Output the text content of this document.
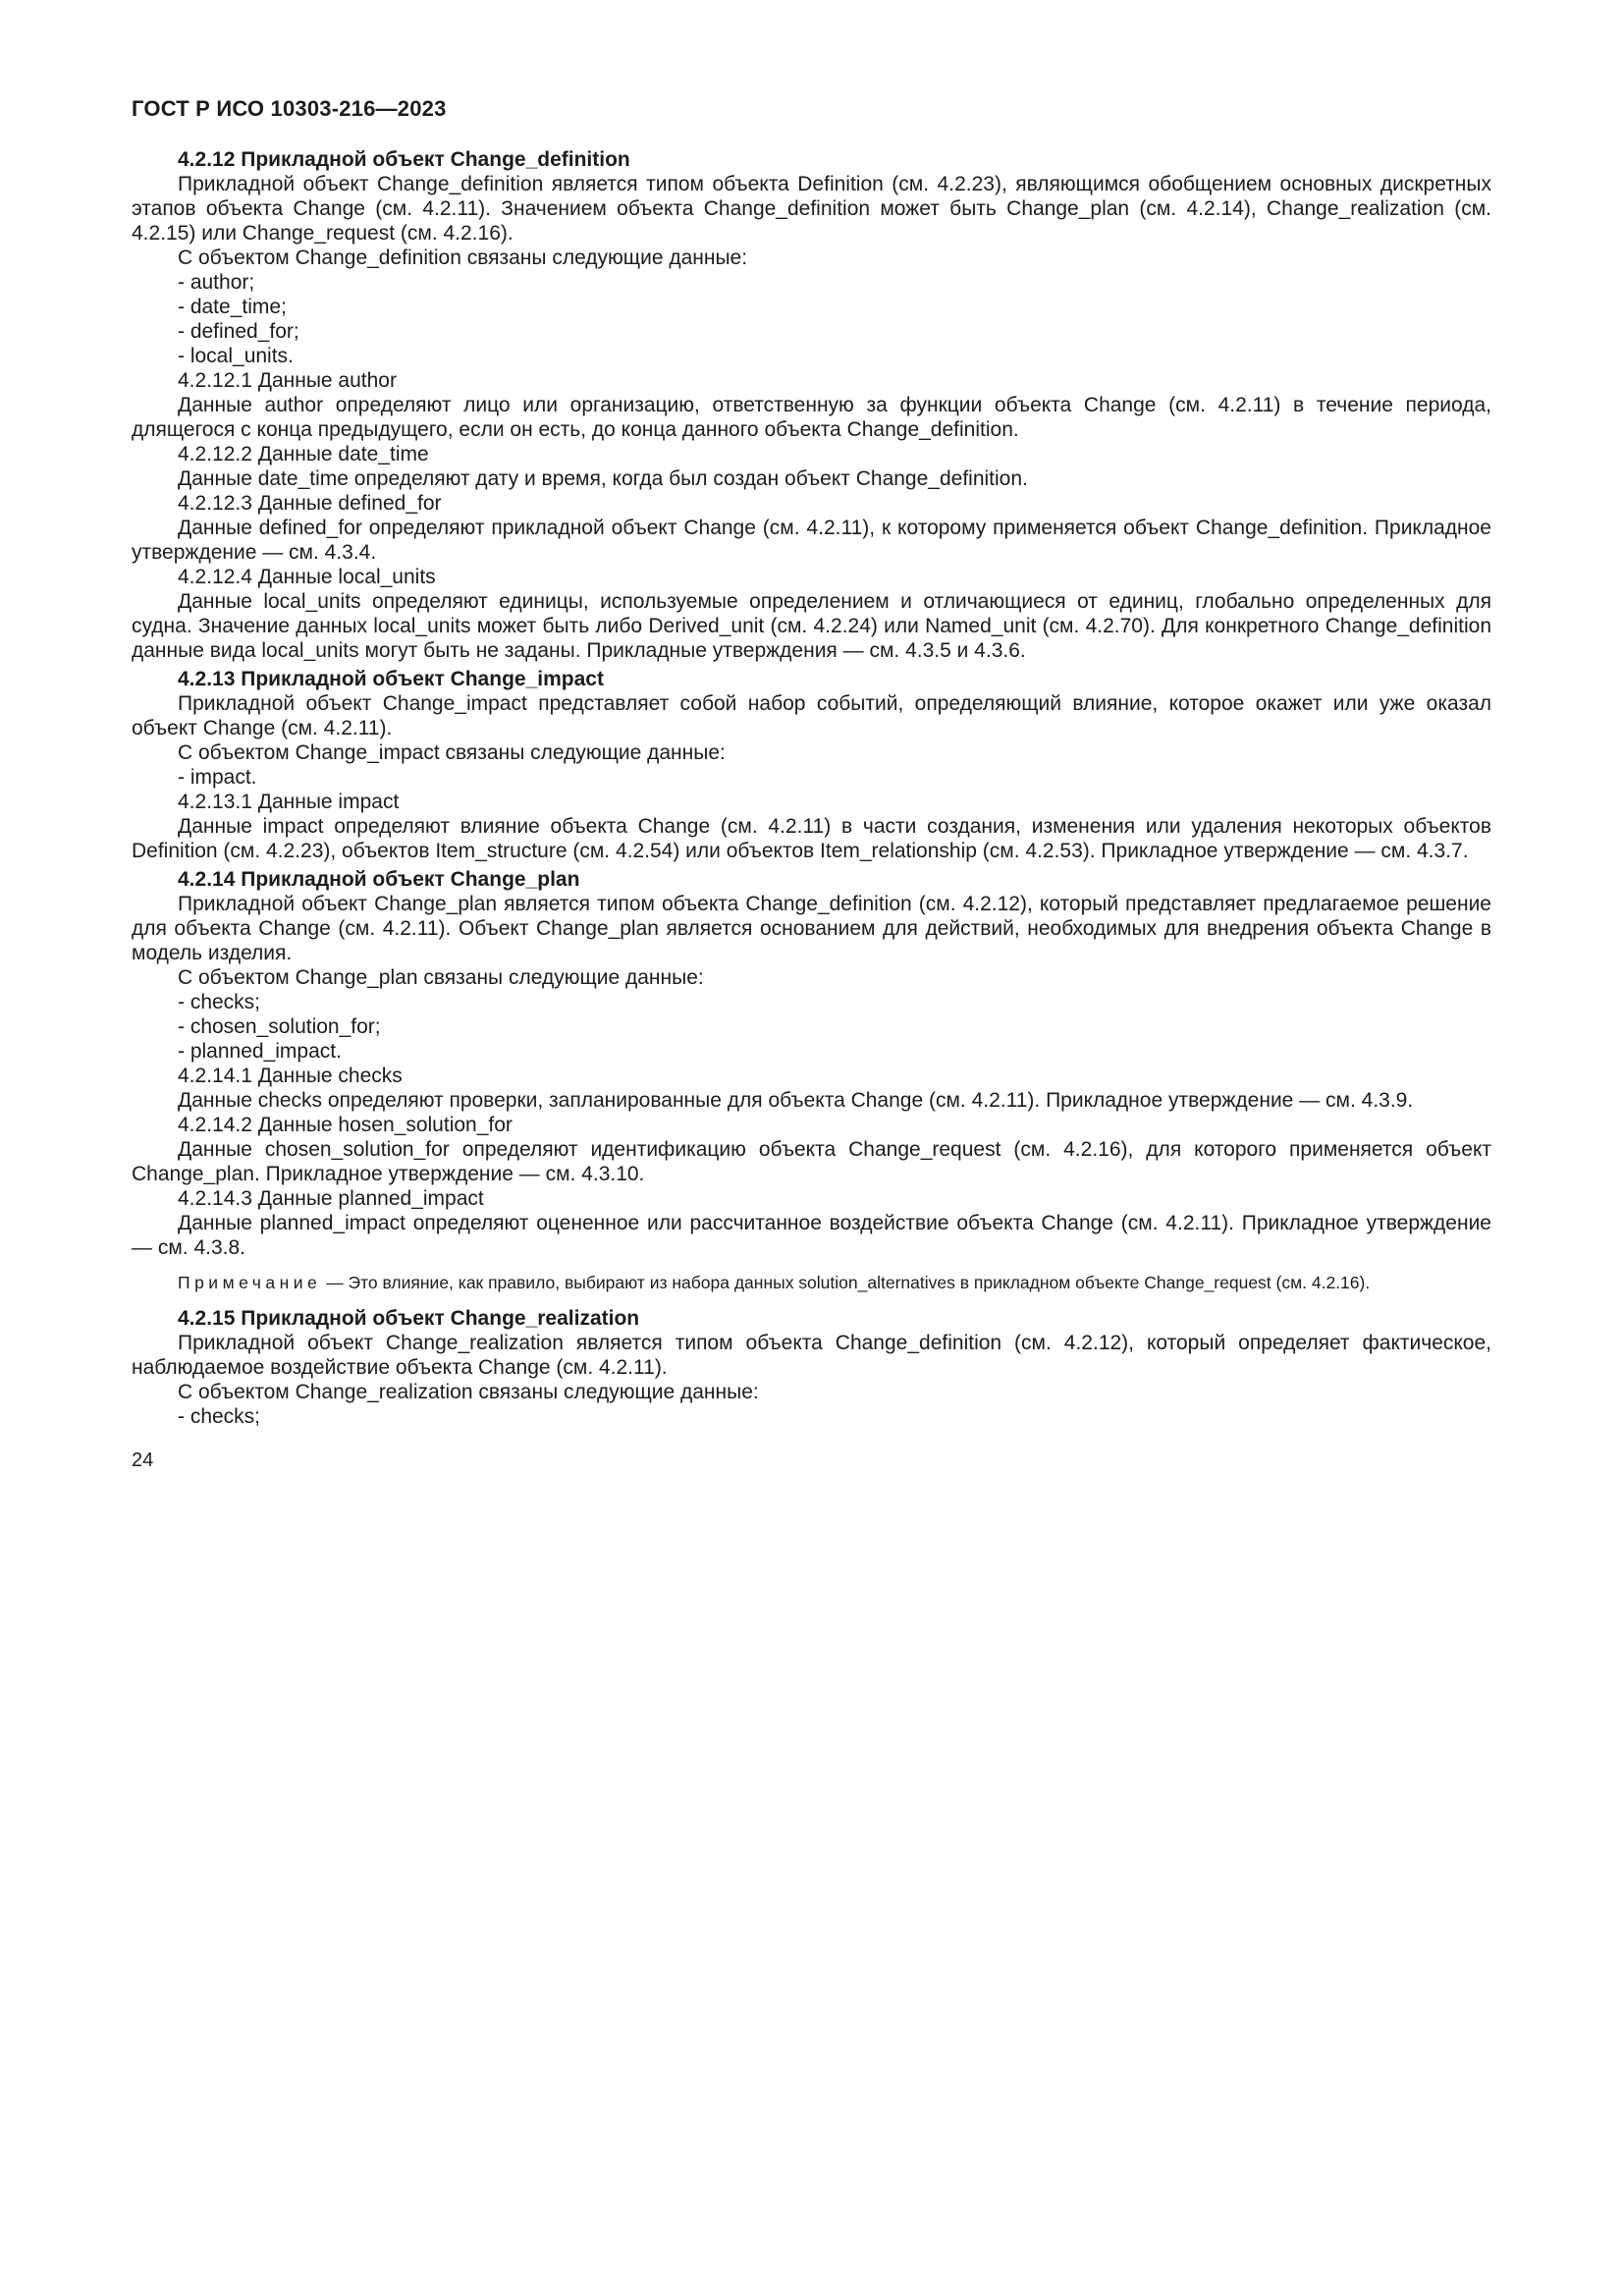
ГОСТ Р ИСО 10303-216—2023
4.2.12 Прикладной объект Change_definition
Прикладной объект Change_definition является типом объекта Definition (см. 4.2.23), являющимся обобщением основных дискретных этапов объекта Change (см. 4.2.11). Значением объекта Change_definition может быть Change_plan (см. 4.2.14), Change_realization (см. 4.2.15) или Change_request (см. 4.2.16).
С объектом Change_definition связаны следующие данные:
- author;
- date_time;
- defined_for;
- local_units.
4.2.12.1 Данные author
Данные author определяют лицо или организацию, ответственную за функции объекта Change (см. 4.2.11) в течение периода, длящегося с конца предыдущего, если он есть, до конца данного объекта Change_definition.
4.2.12.2 Данные date_time
Данные date_time определяют дату и время, когда был создан объект Change_definition.
4.2.12.3 Данные defined_for
Данные defined_for определяют прикладной объект Change (см. 4.2.11), к которому применяется объект Change_definition. Прикладное утверждение — см. 4.3.4.
4.2.12.4 Данные local_units
Данные local_units определяют единицы, используемые определением и отличающиеся от единиц, глобально определенных для судна. Значение данных local_units может быть либо Derived_unit (см. 4.2.24) или Named_unit (см. 4.2.70). Для конкретного Change_definition данные вида local_units могут быть не заданы. Прикладные утверждения — см. 4.3.5 и 4.3.6.
4.2.13 Прикладной объект Change_impact
Прикладной объект Change_impact представляет собой набор событий, определяющий влияние, которое окажет или уже оказал объект Change (см. 4.2.11).
С объектом Change_impact связаны следующие данные:
- impact.
4.2.13.1 Данные impact
Данные impact определяют влияние объекта Change (см. 4.2.11) в части создания, изменения или удаления некоторых объектов Definition (см. 4.2.23), объектов Item_structure (см. 4.2.54) или объектов Item_relationship (см. 4.2.53). Прикладное утверждение — см. 4.3.7.
4.2.14 Прикладной объект Change_plan
Прикладной объект Change_plan является типом объекта Change_definition (см. 4.2.12), который представляет предлагаемое решение для объекта Change (см. 4.2.11). Объект Change_plan является основанием для действий, необходимых для внедрения объекта Change в модель изделия.
С объектом Change_plan связаны следующие данные:
- checks;
- chosen_solution_for;
- planned_impact.
4.2.14.1 Данные checks
Данные checks определяют проверки, запланированные для объекта Change (см. 4.2.11). Прикладное утверждение — см. 4.3.9.
4.2.14.2 Данные hosen_solution_for
Данные chosen_solution_for определяют идентификацию объекта Change_request (см. 4.2.16), для которого применяется объект Change_plan. Прикладное утверждение — см. 4.3.10.
4.2.14.3 Данные planned_impact
Данные planned_impact определяют оцененное или рассчитанное воздействие объекта Change (см. 4.2.11). Прикладное утверждение — см. 4.3.8.
Примечание — Это влияние, как правило, выбирают из набора данных solution_alternatives в прикладном объекте Change_request (см. 4.2.16).
4.2.15 Прикладной объект Change_realization
Прикладной объект Change_realization является типом объекта Change_definition (см. 4.2.12), который определяет фактическое, наблюдаемое воздействие объекта Change (см. 4.2.11).
С объектом Change_realization связаны следующие данные:
- checks;
24
